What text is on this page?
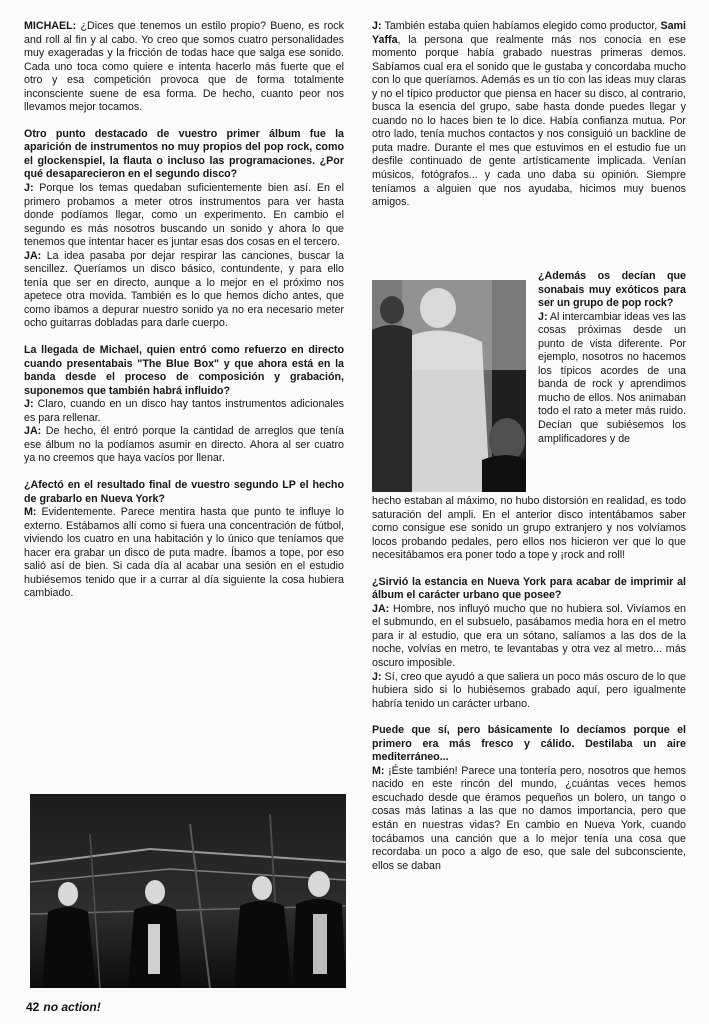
MICHAEL: ¿Dices que tenemos un estilo propio? Bueno, es rock and roll al fin y al cabo. Yo creo que somos cuatro personalidades muy exageradas y la fricción de todas hace que salga ese sonido. Cada uno toca como quiere e intenta hacerlo más fuerte que el otro y esa competición provoca que de forma totalmente inconsciente suene de esa forma. De hecho, cuanto peor nos llevamos mejor tocamos.

Otro punto destacado de vuestro primer álbum fue la aparición de instrumentos no muy propios del pop rock, como el glockenspiel, la flauta o incluso las programaciones. ¿Por qué desaparecieron en el segundo disco?

J: Porque los temas quedaban suficientemente bien así. En el primero probamos a meter otros instrumentos para ver hasta donde podíamos llegar, como un experimento. En cambio el segundo es más nosotros buscando un sonido y ahora lo que tenemos que intentar hacer es juntar esas dos cosas en el tercero.

JA: La idea pasaba por dejar respirar las canciones, buscar la sencillez. Queríamos un disco básico, contundente, y para ello tenía que ser en directo, aunque a lo mejor en el próximo nos apetece otra movida. También es lo que hemos dicho antes, que como íbamos a depurar nuestro sonido ya no era necesario meter ocho guitarras dobladas para darle cuerpo.

La llegada de Michael, quien entró como refuerzo en directo cuando presentabais "The Blue Box" y que ahora está en la banda desde el proceso de composición y grabación, suponemos que también habrá influido?

J: Claro, cuando en un disco hay tantos instrumentos adicionales es para rellenar.

JA: De hecho, él entró porque la cantidad de arreglos que tenía ese álbum no la podíamos asumir en directo. Ahora al ser cuatro ya no creemos que haya vacíos por llenar.

¿Afectó en el resultado final de vuestro segundo LP el hecho de grabarlo en Nueva York?

M: Evidentemente. Parece mentira hasta que punto te influye lo externo. Estábamos allí como si fuera una concentración de fútbol, viviendo los cuatro en una habitación y lo único que teníamos que hacer era grabar un disco de puta madre. Íbamos a tope, por eso salió así de bien. Si cada día al acabar una sesión en el estudio hubiésemos tenido que ir a currar al día siguiente la cosa hubiera cambiado.

J: También estaba quien habíamos elegido como productor, Sami Yaffa, la persona que realmente más nos conocía en ese momento porque había grabado nuestras primeras demos. Sabíamos cual era el sonido que le gustaba y concordaba mucho con lo que queríamos. Además es un tío con las ideas muy claras y no el típico productor que piensa en hacer su disco, al contrario, busca la esencia del grupo, sabe hasta donde puedes llegar y cuando no lo haces bien te lo dice. Había confianza mutua. Por otro lado, tenía muchos contactos y nos consiguió un backline de puta madre. Durante el mes que estuvimos en el estudio fue un desfile continuado de gente artísticamente implicada. Venían músicos, fotógrafos... y cada uno daba su opinión. Siempre teníamos a alguien que nos ayudaba, hicimos muy buenos amigos.

¿Además os decían que sonabais muy exóticos para ser un grupo de pop rock?

J: Al intercambiar ideas ves las cosas próximas desde un punto de vista diferente. Por ejemplo, nosotros no hacemos los típicos acordes de una banda de rock y aprendimos mucho de ellos. Nos animaban todo el rato a meter más ruido. Decían que subiésemos los amplificadores y de

hecho estaban al máximo, no hubo distorsión en realidad, es todo saturación del ampli. En el anterior disco intentábamos saber como consigue ese sonido un grupo extranjero y nos volvíamos locos probando pedales, pero ellos nos hicieron ver que lo que necesitábamos era poner todo a tope y ¡rock and roll!

¿Sirvió la estancia en Nueva York para acabar de imprimir al álbum el carácter urbano que posee?

JA: Hombre, nos influyó mucho que no hubiera sol. Vivíamos en el submundo, en el subsuelo, pasábamos media hora en el metro para ir al estudio, que era un sótano, salíamos a las dos de la noche, volvías en metro, te levantabas y otra vez al metro... más oscuro imposible.

J: Sí, creo que ayudó a que saliera un poco más oscuro de lo que hubiera sido si lo hubiésemos grabado aquí, pero igualmente habría tenido un carácter urbano.

Puede que sí, pero básicamente lo decíamos porque el primero era más fresco y cálido. Destilaba un aire mediterráneo...

M: ¡Éste también! Parece una tontería pero, nosotros que hemos nacido en este rincón del mundo, ¿cuántas veces hemos escuchado desde que éramos pequeños un bolero, un tango o cosas más latinas a las que no damos importancia, pero que están en nuestras vidas? En cambio en Nueva York, cuando tocábamos una canción que a lo mejor tenía una cosa que recordaba un poco a algo de eso, que sale del subconsciente, ellos se daban

42 no action!
